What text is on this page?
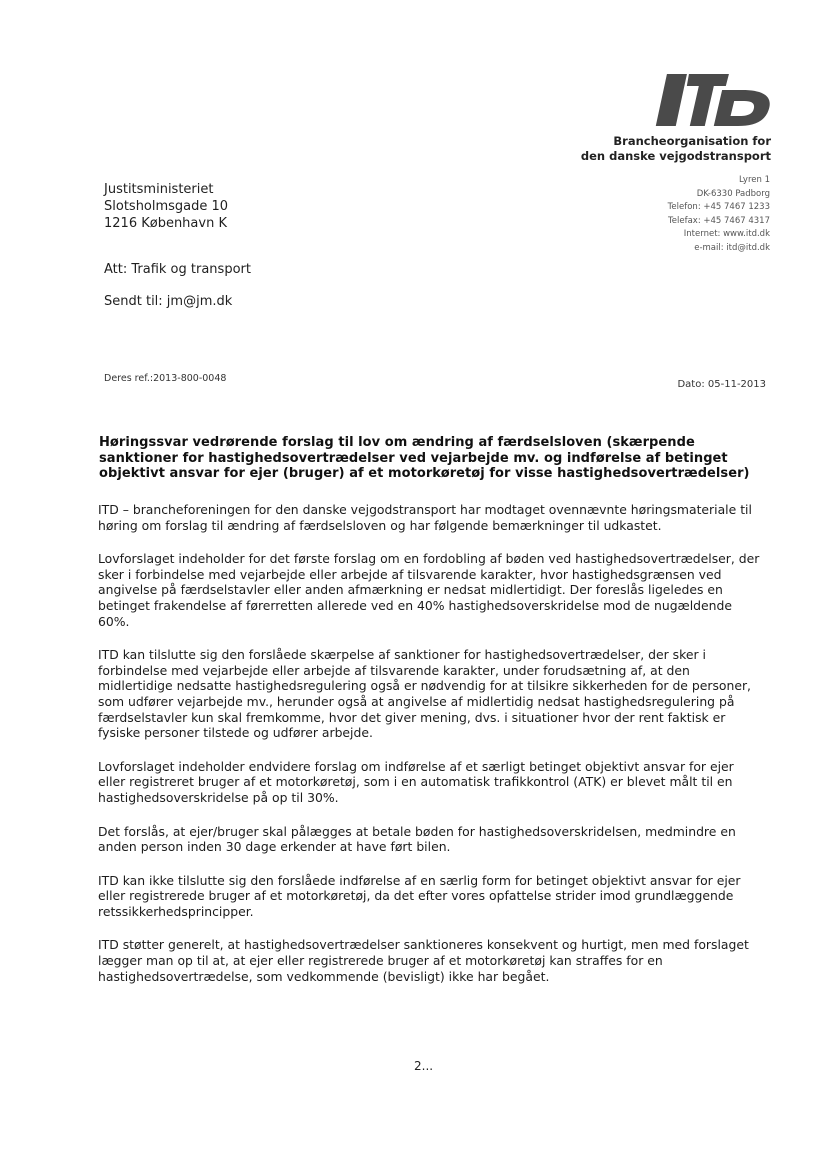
Brancheorganisation for
den danske vejgodstransport
Lyren 1
DK-6330 Padborg
Telefon: +45 7467 1233
Telefax: +45 7467 4317
Internet: www.itd.dk
e-mail: itd@itd.dk
Justitsministeriet
Slotsholmsgade 10
1216 København K
Att: Trafik og transport
Sendt til: jm@jm.dk
Deres ref.:2013-800-0048
Dato: 05-11-2013
Høringssvar vedrørende forslag til lov om ændring af færdselsloven (skærpende sanktioner for hastighedsovertrædelser ved vejarbejde mv. og indførelse af betinget objektivt ansvar for ejer (bruger) af et motorkøretøj for visse hastighedsovertrædelser)

ITD – brancheforeningen for den danske vejgodstransport har modtaget ovennævnte høringsmateriale til høring om forslag til ændring af færdselsloven og har følgende bemærkninger til udkastet.

Lovforslaget indeholder for det første forslag om en fordobling af bøden ved hastighedsovertrædelser, der sker i forbindelse med vejarbejde eller arbejde af tilsvarende karakter, hvor hastighedsgrænsen ved angivelse på færdselstavler eller anden afmærkning er nedsat midlertidigt. Der foreslås ligeledes en betinget frakendelse af førerretten allerede ved en 40% hastighedsoverskridelse mod de nugældende 60%.

ITD kan tilslutte sig den forslåede skærpelse af sanktioner for hastighedsovertrædelser, der sker i forbindelse med vejarbejde eller arbejde af tilsvarende karakter, under forudsætning af, at den midlertidige nedsatte hastighedsregulering også er nødvendig for at tilsikre sikkerheden for de personer, som udfører vejarbejde mv., herunder også at angivelse af midlertidig nedsat hastighedsregulering på færdselstavler kun skal fremkomme, hvor det giver mening, dvs. i situationer hvor der rent faktisk er fysiske personer tilstede og udfører arbejde.

Lovforslaget indeholder endvidere forslag om indførelse af et særligt betinget objektivt ansvar for ejer eller registreret bruger af et motorkøretøj, som i en automatisk trafikkontrol (ATK) er blevet målt til en hastighedsoverskridelse på op til 30%.

Det forslås, at ejer/bruger skal pålægges at betale bøden for hastighedsoverskridelsen, medmindre en anden person inden 30 dage erkender at have ført bilen.

ITD kan ikke tilslutte sig den forslåede indførelse af en særlig form for betinget objektivt ansvar for ejer eller registrerede bruger af et motorkøretøj, da det efter vores opfattelse strider imod grundlæggende retssikkerhedsprincipper.

ITD støtter generelt, at hastighedsovertrædelser sanktioneres konsekvent og hurtigt, men med forslaget lægger man op til at, at ejer eller registrerede bruger af et motorkøretøj kan straffes for en hastighedsovertrædelse, som vedkommende (bevisligt) ikke har begået.

2...
